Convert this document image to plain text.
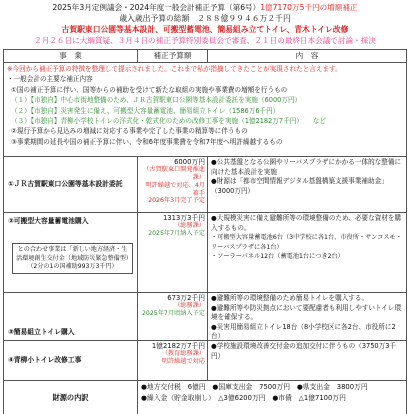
2025年3月定例議会・2024年度一般会計補正予算（第6号）1億7170万5千円の増額補正
歳入歳出予算の総額　２８８億９９４６万２千円
古賀駅東口公園等基本設計、可搬型蓄電池、簡易組み立てトイレ、青木トイレ改修
２月２６日に大綱質疑、３月４日の補正予算特別委員会で審査、２１日の最終日本会議で討論・採決
事　業	補正予算額	内　容

※今回から補正予算の特徴を整理して提示されました。これまで私が指摘してきたことが実現されたと言えます。

・一般会計の主要な補正内容

①国の補正予算に伴い、国等からの補助を受けて新たな取組の実施や事業費の増額を行うもの

（１）【市独自】中心市街地整備のため、ＪＲ古賀駅東口公園等基本設計委託を実施（6000万円）

（２）【市独自】災害発生に備え、可搬型大容量蓄電池、簡易組立トイレ（1586万6千円）

（３）【市独自】青柳小学校トイレの洋式化・乾式化のための改修工事を実施（1億2182万7千円）　　など

②現行予算から見込みの増減に対応する事業や完了した事業の精算等に伴うもの

③事業期間の延長や国の補正予算に伴い、令和6年度事業費を令和7年度へ明許繰越するもの

①ＪＲ古賀駅東口公園等基本設計委託
6000万円
（古賀駅東口開発推進課）
明許繰越で対応、4月着手
2026年3月完了予定
●公共基盤となる公園やリーバスプラザにかかる一体的な整備に向けた基本設計を実施
●財源は「都市空間情報デジタル基盤構築支援事業補助金」（3000万円）
②可搬型大容量蓄電池購入
との合わせ事業は「新しい地方経済・生活環境創生交付金（地域防災緊急整備型）（2分の1の国補助993万3千円）
1313万3千円
（総務課）
2025年7月納入予定
●大規模災害に備え避難所等の環境整備のため、必要な資材を購入するもの。
・可搬型大容量蓄電池6台（3中学校に各1台、市役所・サンコスモ・リーバスプラザに各1台）
・ソーラーパネル12台（蓄電池1台につき2台）
③簡易組立トイレ購入
673万2千円
（総務課）
2025年7月頃納入予定
●避難所等の環境整備のため簡易トイレを購入する。
●避難所等や防災拠点において要配慮者も利用しやすいトイレ環境を確保する。
●災害用簡易組立トイレ18台（8小学校区に各2台、市役所に2台）
④青柳小トイレ改修工事
1億2182万7千円
（教育総務課）
明許繰越で対応
●学校施設環境改善交付金の追加交付に伴うもの（3750万3千円）
財源の内訳
●地方交付税　6億円　●国庫支出金　7500万円　●県支出金　3800万円
●繰入金（貯金取崩し）　△3億6200万円　●市債　△1億7100万円
